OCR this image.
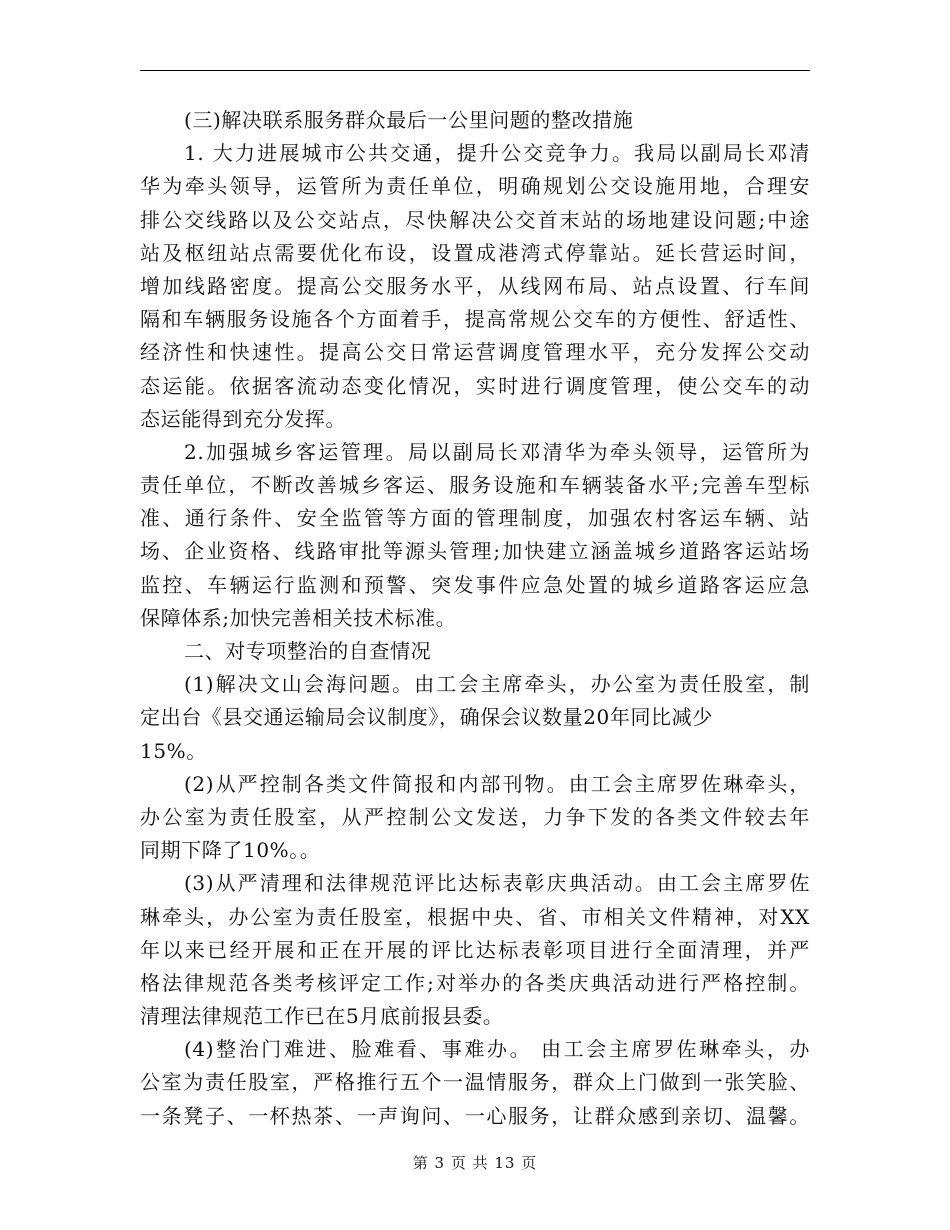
(三)解决联系服务群众最后一公里问题的整改措施
1. 大力进展城市公共交通，提升公交竞争力。我局以副局长邓清
华为牵头领导，运管所为责任单位，明确规划公交设施用地，合理安
排公交线路以及公交站点，尽快解决公交首末站的场地建设问题;中途
站及枢纽站点需要优化布设，设置成港湾式停靠站。延长营运时间，
增加线路密度。提高公交服务水平，从线网布局、站点设置、行车间
隔和车辆服务设施各个方面着手，提高常规公交车的方便性、舒适性、
经济性和快速性。提高公交日常运营调度管理水平，充分发挥公交动
态运能。依据客流动态变化情况，实时进行调度管理，使公交车的动
态运能得到充分发挥。
2.加强城乡客运管理。局以副局长邓清华为牵头领导，运管所为
责任单位，不断改善城乡客运、服务设施和车辆装备水平;完善车型标
准、通行条件、安全监管等方面的管理制度，加强农村客运车辆、站
场、企业资格、线路审批等源头管理;加快建立涵盖城乡道路客运站场
监控、车辆运行监测和预警、突发事件应急处置的城乡道路客运应急
保障体系;加快完善相关技术标准。
二、对专项整治的自查情况
(1)解决文山会海问题。由工会主席牵头，办公室为责任股室，制
定出台《县交通运输局会议制度》，确保会议数量20年同比减少
15%。
(2)从严控制各类文件简报和内部刊物。由工会主席罗佐琳牵头，
办公室为责任股室，从严控制公文发送，力争下发的各类文件较去年
同期下降了10%。。
(3)从严清理和法律规范评比达标表彰庆典活动。由工会主席罗佐
琳牵头，办公室为责任股室，根据中央、省、市相关文件精神，对XX
年以来已经开展和正在开展的评比达标表彰项目进行全面清理，并严
格法律规范各类考核评定工作;对举办的各类庆典活动进行严格控制。
清理法律规范工作已在5月底前报县委。
(4)整治门难进、脸难看、事难办。 由工会主席罗佐琳牵头，办
公室为责任股室，严格推行五个一温情服务，群众上门做到一张笑脸、
一条凳子、一杯热茶、一声询问、一心服务，让群众感到亲切、温馨。
第 3 页 共 13 页
